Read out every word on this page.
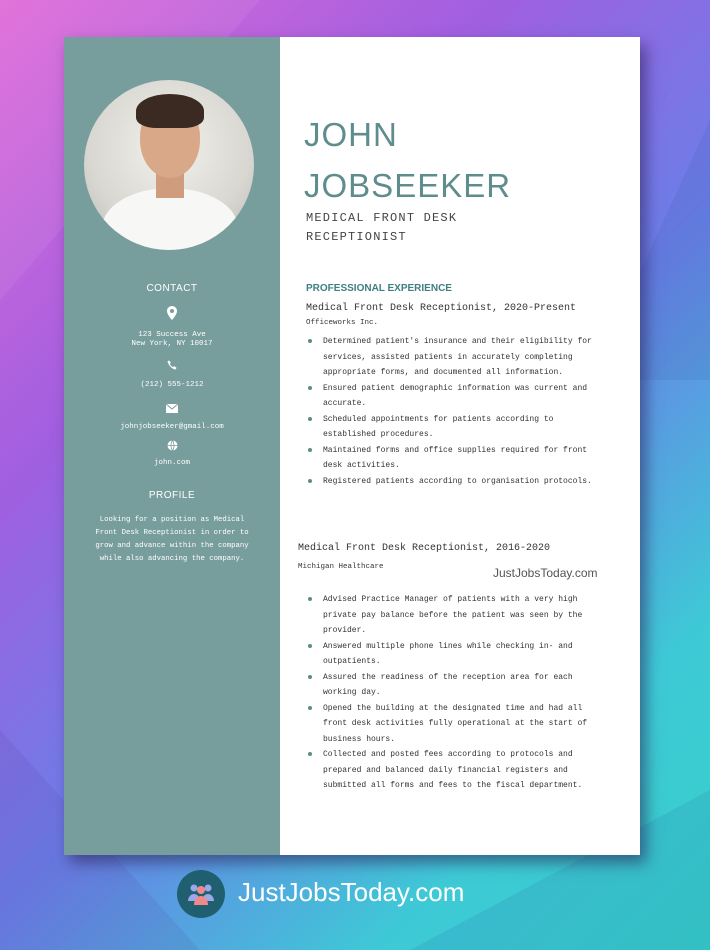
CONTACT
123 Success Ave
New York, NY 10017
(212) 555-1212
johnjobseeker@gmail.com
john.com
PROFILE
Looking for a position as Medical Front Desk Receptionist in order to grow and advance within the company while also advancing the company.
JOHN
JOBSEEKER
MEDICAL FRONT DESK
RECEPTIONIST
PROFESSIONAL EXPERIENCE
Medical Front Desk Receptionist, 2020-Present
Officeworks Inc.
Determined patient's insurance and their eligibility for services, assisted patients in accurately completing appropriate forms, and documented all information.
Ensured patient demographic information was current and accurate.
Scheduled appointments for patients according to established procedures.
Maintained forms and office supplies required for front desk activities.
Registered patients according to organisation protocols.
Medical Front Desk Receptionist, 2016-2020
Michigan Healthcare	JustJobsToday.com
Advised Practice Manager of patients with a very high private pay balance before the patient was seen by the provider.
Answered multiple phone lines while checking in- and outpatients.
Assured the readiness of the reception area for each working day.
Opened the building at the designated time and had all front desk activities fully operational at the start of business hours.
Collected and posted fees according to protocols and prepared and balanced daily financial registers and submitted all forms and fees to the fiscal department.
JustJobsToday.com
